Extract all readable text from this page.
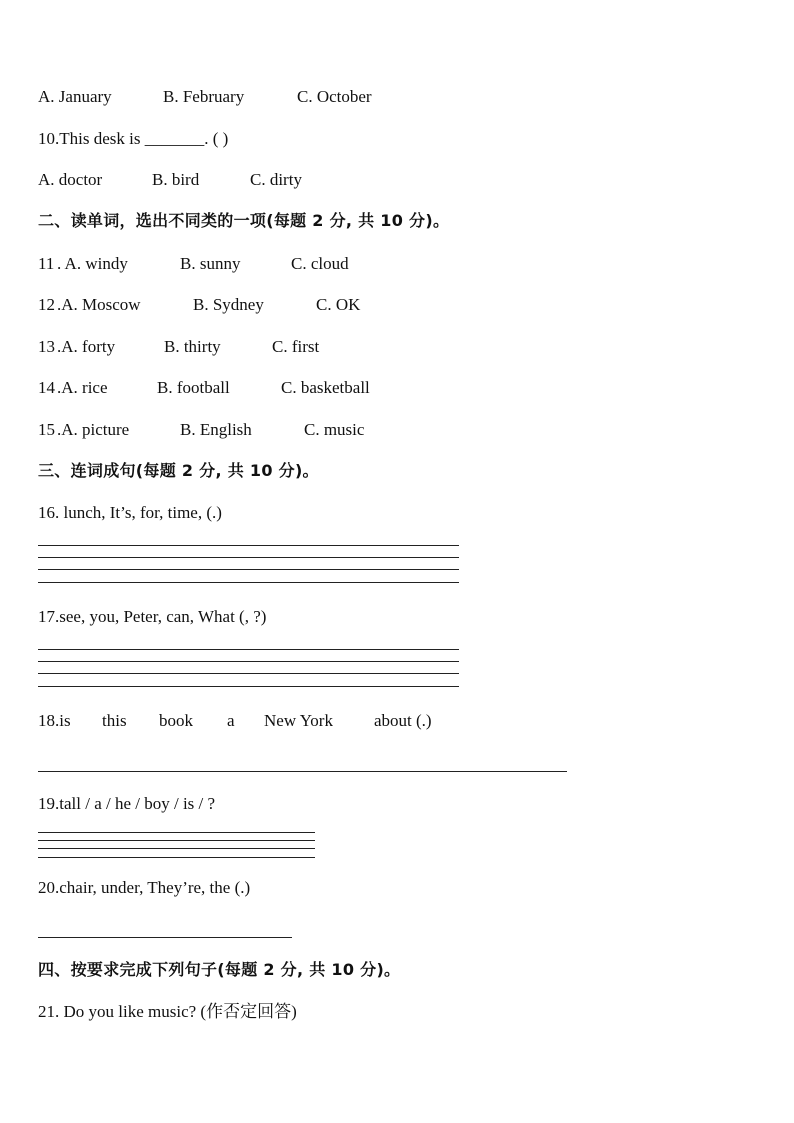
A. January	B. February	C. October
10.This desk is _______. ( )
A. doctor	B. bird	C. dirty
二、读单词，选出不同类的一项(每题 2 分, 共 10 分)。
11 . A. windy	B. sunny	C. cloud
12 .A. Moscow	B. Sydney	C. OK
13 .A. forty	B. thirty	C. first
14 .A. rice	B. football	C. basketball
15 .A. picture	B. English	C. music
三、连词成句(每题 2 分, 共 10 分)。
16. lunch, It’s, for, time, (.)
17.see, you, Peter, can, What (, ?)
18.is this book a New York about (.)
19.tall / a / he / boy / is / ?
20.chair, under, They’re, the (.)
四、按要求完成下列句子(每题 2 分, 共 10 分)。
21. Do you like music? (作否定回答)
